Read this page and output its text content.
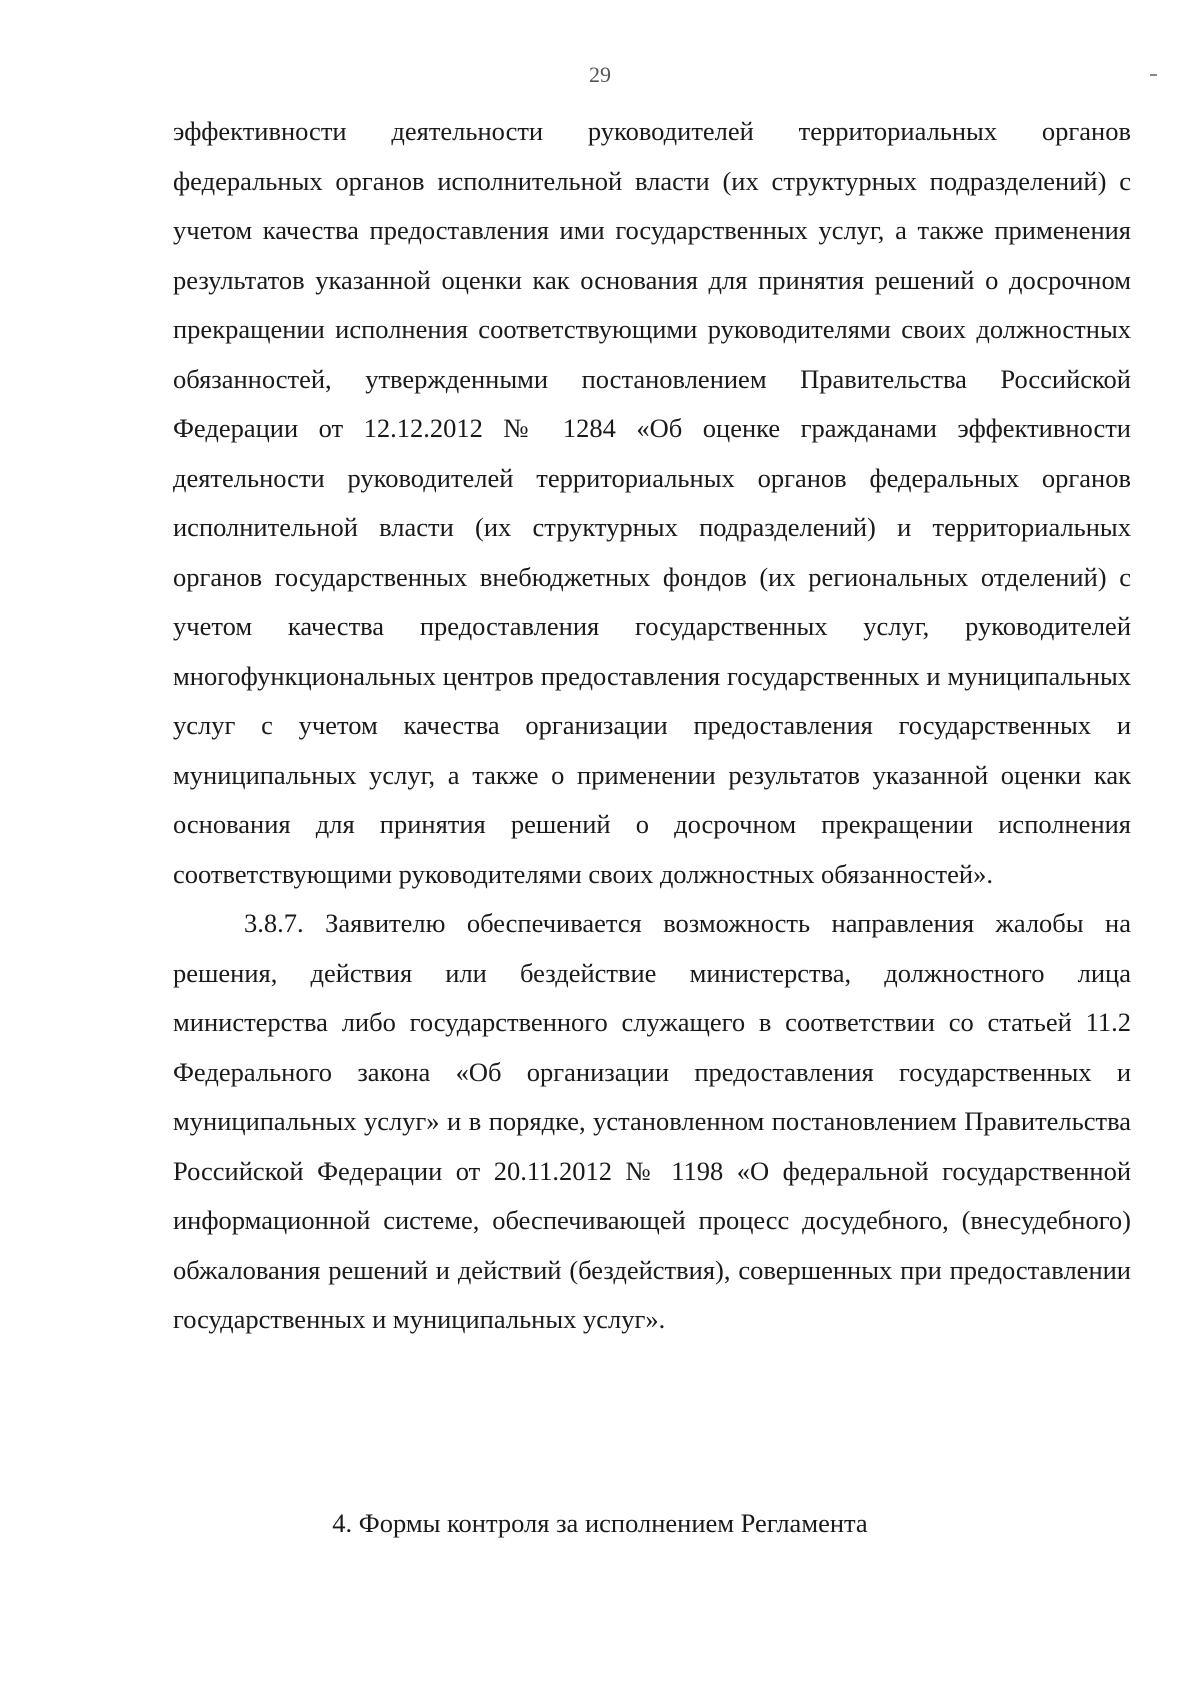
29

эффективности деятельности руководителей территориальных органов федеральных органов исполнительной власти (их структурных подразделений) с учетом качества предоставления ими государственных услуг, а также применения результатов указанной оценки как основания для принятия решений о досрочном прекращении исполнения соответствующими руководителями своих должностных обязанностей, утвержденными постановлением Правительства Российской Федерации от 12.12.2012 № 1284 «Об оценке гражданами эффективности деятельности руководителей территориальных органов федеральных органов исполнительной власти (их структурных подразделений) и территориальных органов государственных внебюджетных фондов (их региональных отделений) с учетом качества предоставления государственных услуг, руководителей многофункциональных центров предоставления государственных и муниципальных услуг с учетом качества организации предоставления государственных и муниципальных услуг, а также о применении результатов указанной оценки как основания для принятия решений о досрочном прекращении исполнения соответствующими руководителями своих должностных обязанностей».

3.8.7. Заявителю обеспечивается возможность направления жалобы на решения, действия или бездействие министерства, должностного лица министерства либо государственного служащего в соответствии со статьей 11.2 Федерального закона «Об организации предоставления государственных и муниципальных услуг» и в порядке, установленном постановлением Правительства Российской Федерации от 20.11.2012 № 1198 «О федеральной государственной информационной системе, обеспечивающей процесс досудебного, (внесудебного) обжалования решений и действий (бездействия), совершенных при предоставлении государственных и муниципальных услуг».

4. Формы контроля за исполнением Регламента
